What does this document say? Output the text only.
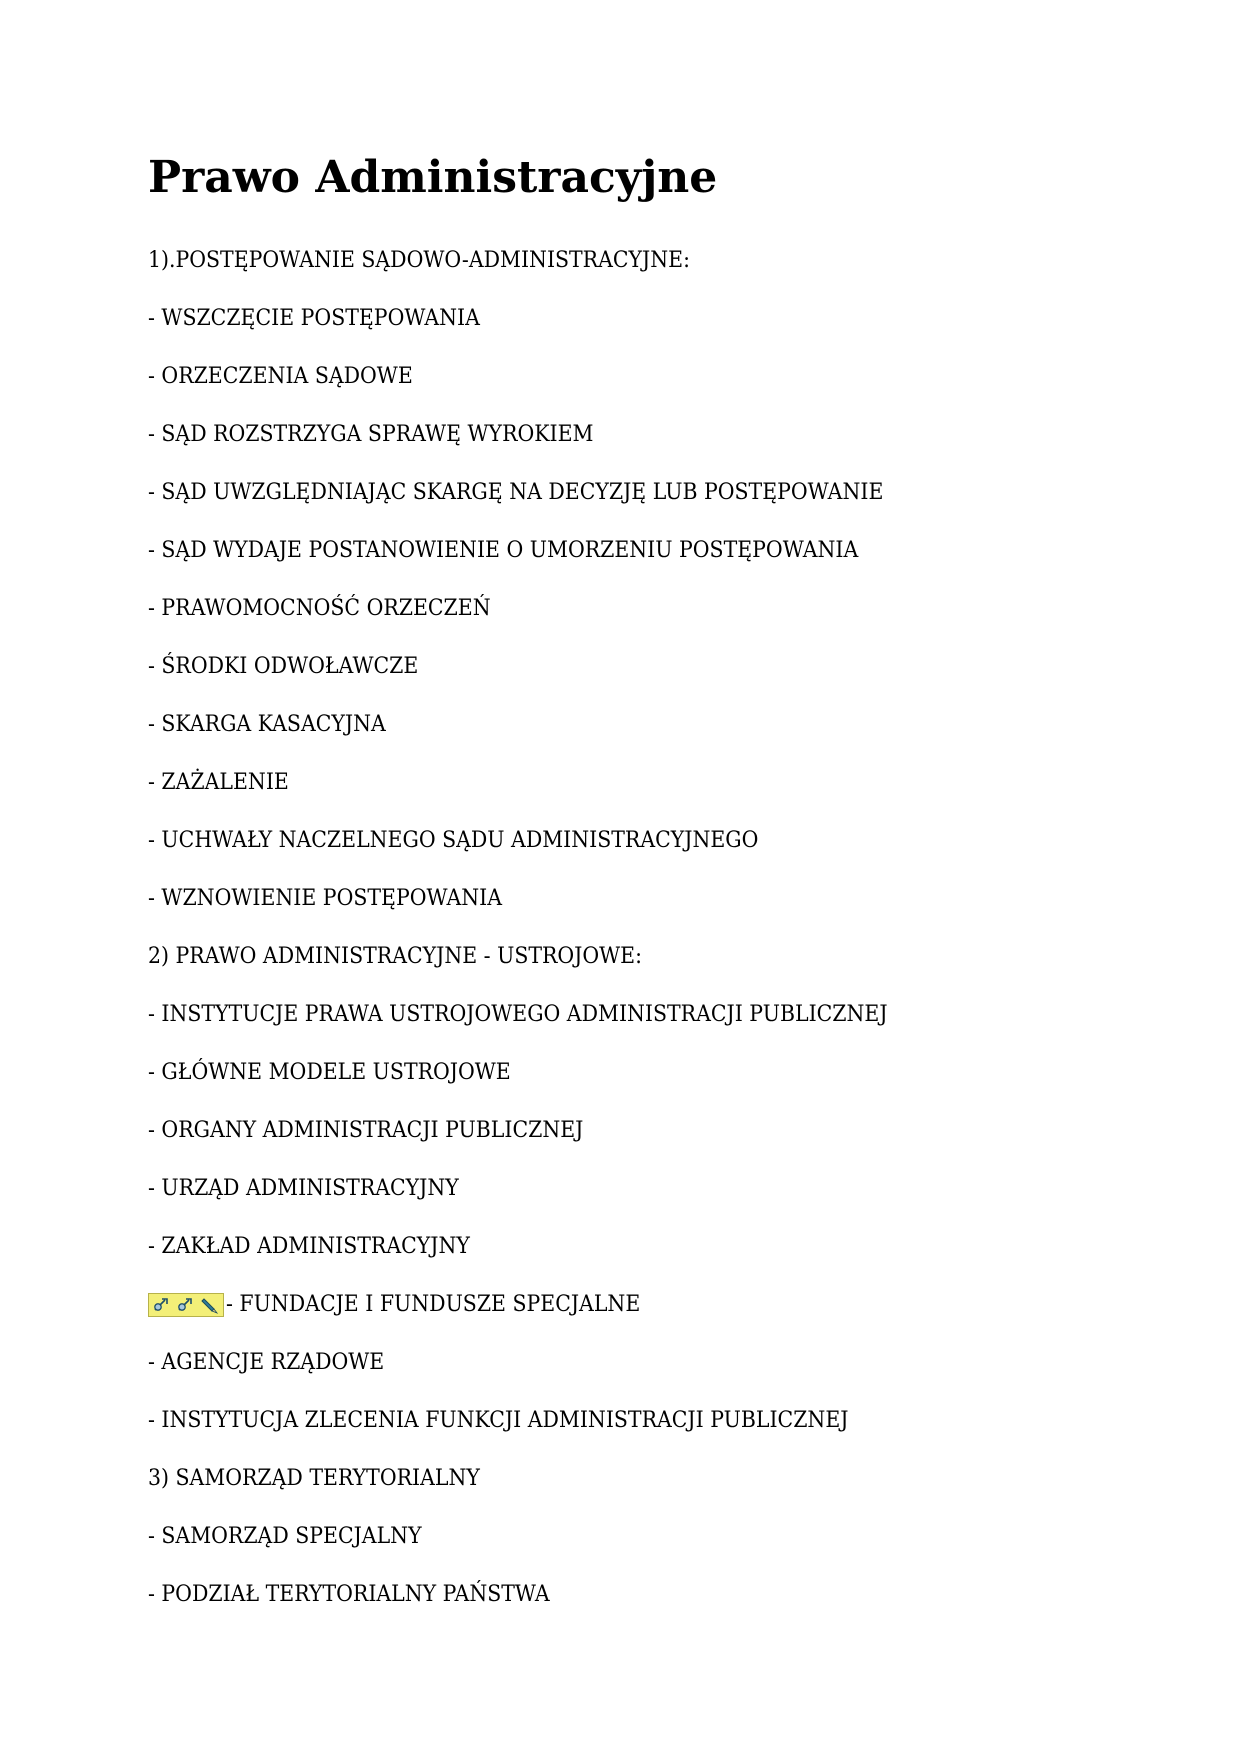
Prawo Administracyjne
1).POSTĘPOWANIE SĄDOWO-ADMINISTRACYJNE:
- WSZCZĘCIE POSTĘPOWANIA
- ORZECZENIA SĄDOWE
- SĄD ROZSTRZYGA SPRAWĘ WYROKIEM
- SĄD UWZGLĘDNIAJĄC SKARGĘ NA DECYZJĘ LUB POSTĘPOWANIE
- SĄD WYDAJE POSTANOWIENIE O UMORZENIU POSTĘPOWANIA
- PRAWOMOCNOŚĆ ORZECZEŃ
- ŚRODKI ODWOŁAWCZE
- SKARGA KASACYJNA
- ZAŻALENIE
- UCHWAŁY NACZELNEGO SĄDU ADMINISTRACYJNEGO
- WZNOWIENIE POSTĘPOWANIA
2) PRAWO ADMINISTRACYJNE - USTROJOWE:
- INSTYTUCJE PRAWA USTROJOWEGO ADMINISTRACJI PUBLICZNEJ
- GŁÓWNE MODELE USTROJOWE
- ORGANY ADMINISTRACJI PUBLICZNEJ
- URZĄD ADMINISTRACYJNY
- ZAKŁAD ADMINISTRACYJNY
- FUNDACJE I FUNDUSZE SPECJALNE
- AGENCJE RZĄDOWE
- INSTYTUCJA ZLECENIA FUNKCJI ADMINISTRACJI PUBLICZNEJ
3) SAMORZĄD TERYTORIALNY
- SAMORZĄD SPECJALNY
- PODZIAŁ TERYTORIALNY PAŃSTWA
